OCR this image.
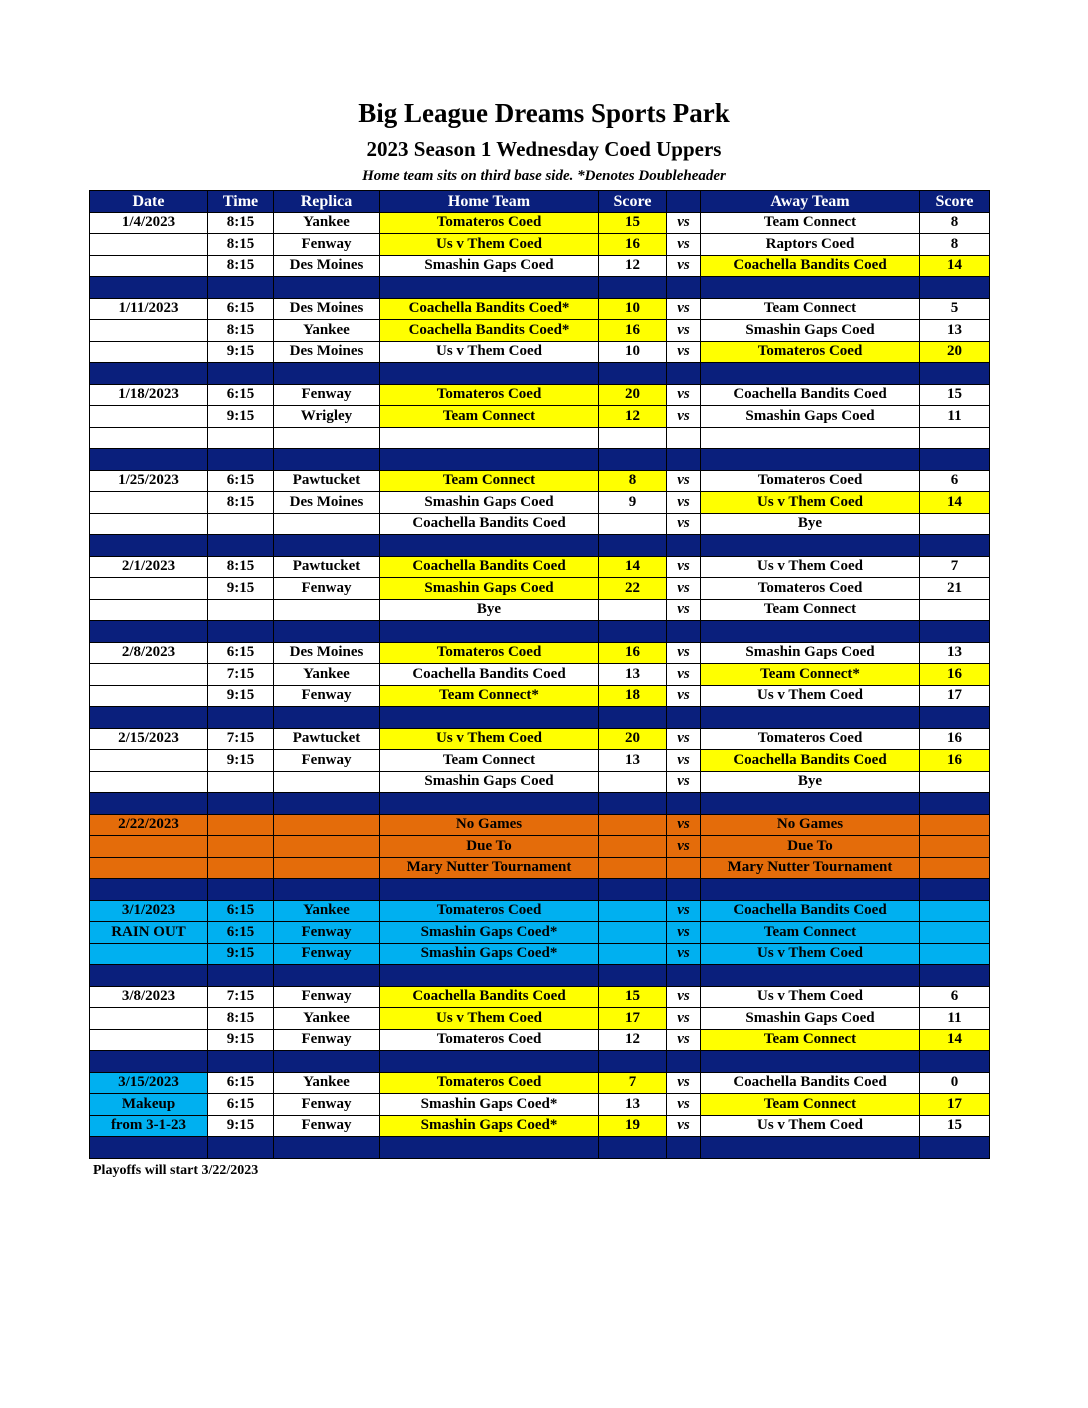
Big League Dreams Sports Park
2023 Season 1 Wednesday Coed Uppers
Home team sits on third base side. *Denotes Doubleheader
Date	Time	Replica	Home Team	Score		Away Team	Score
1/4/2023	8:15	Yankee	Tomateros Coed	15	vs	Team Connect	8
	8:15	Fenway	Us v Them Coed	16	vs	Raptors Coed	8
	8:15	Des Moines	Smashin Gaps Coed	12	vs	Coachella Bandits Coed	14

1/11/2023	6:15	Des Moines	Coachella Bandits Coed*	10	vs	Team Connect	5
	8:15	Yankee	Coachella Bandits Coed*	16	vs	Smashin Gaps Coed	13
	9:15	Des Moines	Us v Them Coed	10	vs	Tomateros Coed	20

1/18/2023	6:15	Fenway	Tomateros Coed	20	vs	Coachella Bandits Coed	15
	9:15	Wrigley	Team Connect	12	vs	Smashin Gaps Coed	11

1/25/2023	6:15	Pawtucket	Team Connect	8	vs	Tomateros Coed	6
	8:15	Des Moines	Smashin Gaps Coed	9	vs	Us v Them Coed	14
			Coachella Bandits Coed		vs	Bye	

2/1/2023	8:15	Pawtucket	Coachella Bandits Coed	14	vs	Us v Them Coed	7
	9:15	Fenway	Smashin Gaps Coed	22	vs	Tomateros Coed	21
			Bye		vs	Team Connect	

2/8/2023	6:15	Des Moines	Tomateros Coed	16	vs	Smashin Gaps Coed	13
	7:15	Yankee	Coachella Bandits Coed	13	vs	Team Connect*	16
	9:15	Fenway	Team Connect*	18	vs	Us v Them Coed	17

2/15/2023	7:15	Pawtucket	Us v Them Coed	20	vs	Tomateros Coed	16
	9:15	Fenway	Team Connect	13	vs	Coachella Bandits Coed	16
			Smashin Gaps Coed		vs	Bye	

2/22/2023			No Games		vs	No Games	
			Due To		vs	Due To	
			Mary Nutter Tournament			Mary Nutter Tournament	

3/1/2023	6:15	Yankee	Tomateros Coed		vs	Coachella Bandits Coed	
RAIN OUT	6:15	Fenway	Smashin Gaps Coed*		vs	Team Connect	
	9:15	Fenway	Smashin Gaps Coed*		vs	Us v Them Coed	

3/8/2023	7:15	Fenway	Coachella Bandits Coed	15	vs	Us v Them Coed	6
	8:15	Yankee	Us v Them Coed	17	vs	Smashin Gaps Coed	11
	9:15	Fenway	Tomateros Coed	12	vs	Team Connect	14

3/15/2023	6:15	Yankee	Tomateros Coed	7	vs	Coachella Bandits Coed	0
Makeup	6:15	Fenway	Smashin Gaps Coed*	13	vs	Team Connect	17
from 3-1-23	9:15	Fenway	Smashin Gaps Coed*	19	vs	Us v Them Coed	15

Playoffs will start 3/22/2023
